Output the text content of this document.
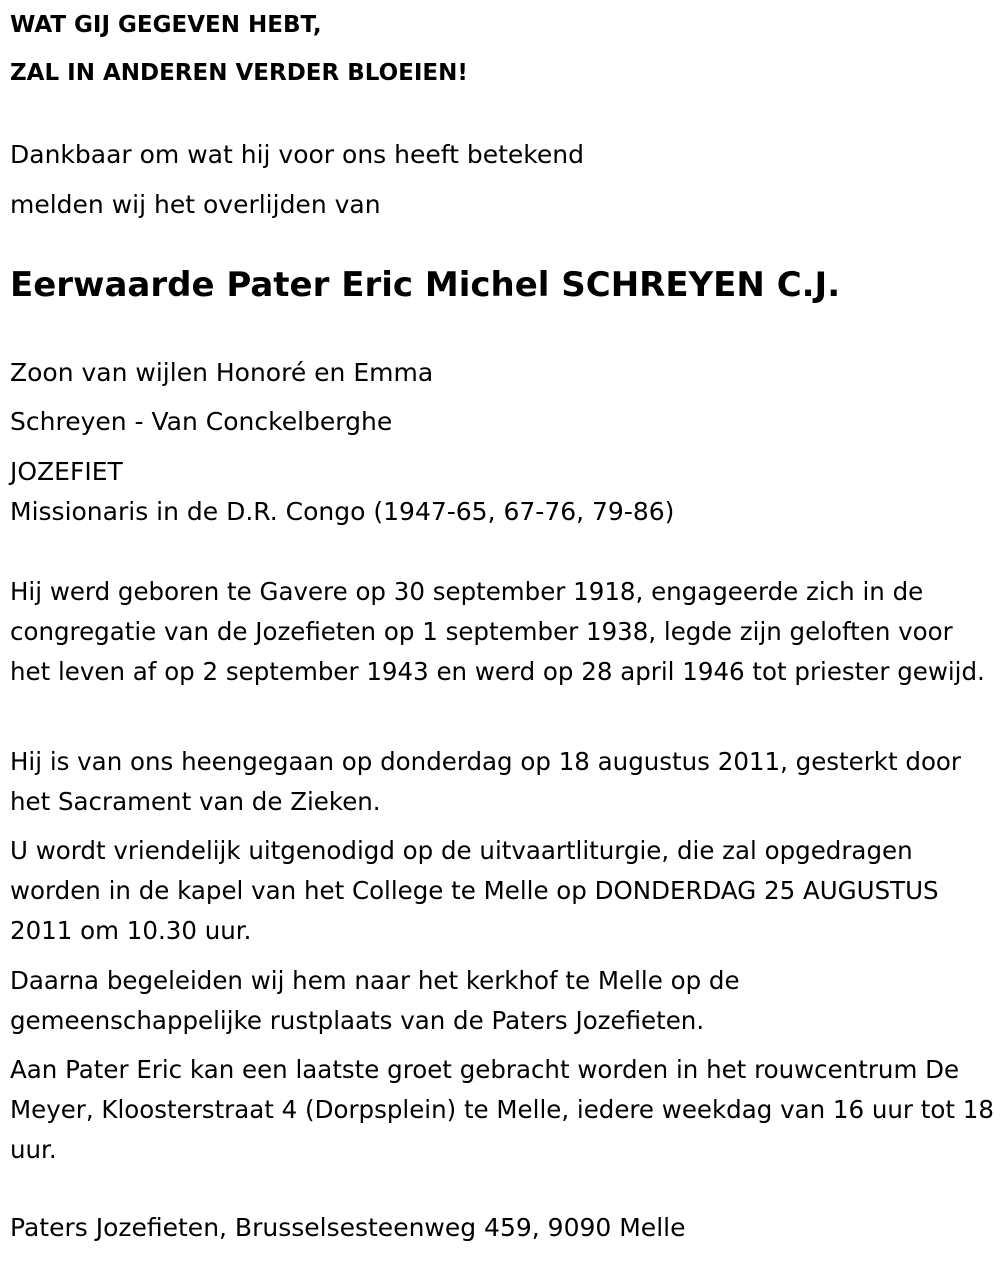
WAT GIJ GEGEVEN HEBT,
ZAL IN ANDEREN VERDER BLOEIEN!
Dankbaar om wat hij voor ons heeft betekend
melden wij het overlijden van
Eerwaarde Pater Eric Michel SCHREYEN C.J.
Zoon van wijlen Honoré en Emma
Schreyen - Van Conckelberghe
JOZEFIET
Missionaris in de D.R. Congo (1947-65, 67-76, 79-86)

Hij werd geboren te Gavere op 30 september 1918, engageerde zich in de congregatie van de Jozefieten op 1 september 1938, legde zijn geloften voor het leven af op 2 september 1943 en werd op 28 april 1946 tot priester gewijd.

Hij is van ons heengegaan op donderdag op 18 augustus 2011, gesterkt door het Sacrament van de Zieken.

U wordt vriendelijk uitgenodigd op de uitvaartliturgie, die zal opgedragen worden in de kapel van het College te Melle op DONDERDAG 25 AUGUSTUS 2011 om 10.30 uur.

Daarna begeleiden wij hem naar het kerkhof te Melle op de gemeenschappelijke rustplaats van de Paters Jozefieten.

Aan Pater Eric kan een laatste groet gebracht worden in het rouwcentrum De Meyer, Kloosterstraat 4 (Dorpsplein) te Melle, iedere weekdag van 16 uur tot 18 uur.

Paters Jozefieten, Brusselsesteenweg 459, 9090 Melle
